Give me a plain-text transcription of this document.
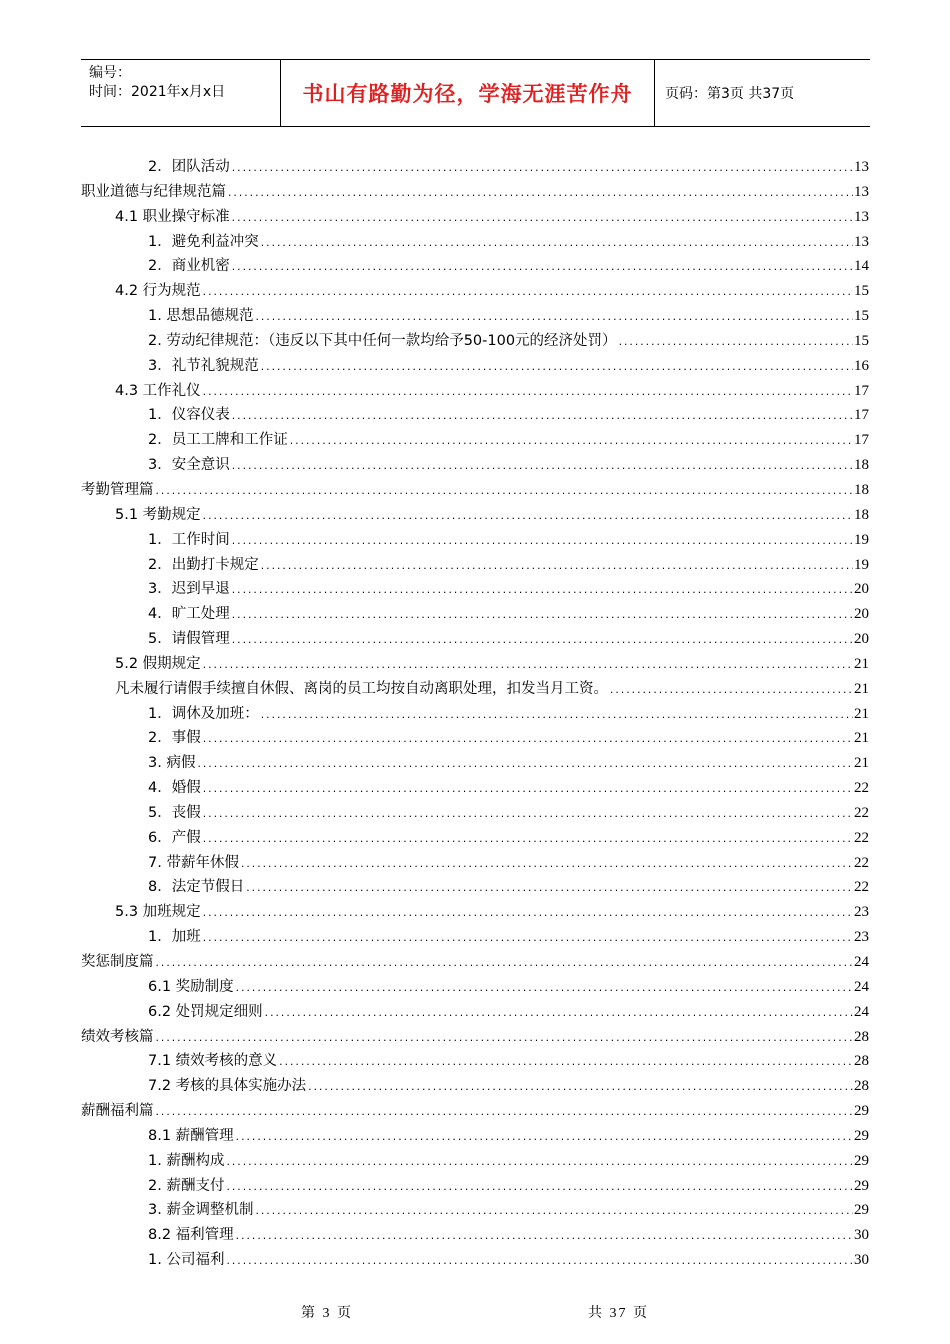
编号：
时间：2021年x月x日	书山有路勤为径，学海无涯苦作舟	页码：第3页 共37页
2．团队活动 .....	13
职业道德与纪律规范篇 .....	13
4.1 职业操守标准 .....	13
1．避免利益冲突 .....	13
2．商业机密 .....	14
4.2 行为规范 .....	15
1. 思想品德规范 .....	15
2. 劳动纪律规范：（违反以下其中任何一款均给予50-100元的经济处罚） .....	15
3．礼节礼貌规范 .....	16
4.3 工作礼仪 .....	17
1．仪容仪表 .....	17
2．员工工牌和工作证 .....	17
3．安全意识 .....	18
考勤管理篇 .....	18
5.1 考勤规定 .....	18
1．工作时间 .....	19
2．出勤打卡规定 .....	19
3．迟到早退 .....	20
4．旷工处理 .....	20
5．请假管理 .....	20
5.2 假期规定 .....	21
凡未履行请假手续擅自休假、离岗的员工均按自动离职处理，扣发当月工资。 .....	21
1．调休及加班： .....	21
2．事假 .....	21
3. 病假 .....	21
4．婚假 .....	22
5．丧假 .....	22
6．产假 .....	22
7. 带薪年休假 .....	22
8．法定节假日 .....	22
5.3 加班规定 .....	23
1．加班 .....	23
奖惩制度篇 .....	24
6.1 奖励制度 .....	24
6.2 处罚规定细则 .....	24
绩效考核篇 .....	28
7.1 绩效考核的意义 .....	28
7.2 考核的具体实施办法 .....	28
薪酬福利篇 .....	29
8.1 薪酬管理 .....	29
1. 薪酬构成 .....	29
2. 薪酬支付 .....	29
3. 薪金调整机制 .....	29
8.2 福利管理 .....	30
1. 公司福利 .....	30
第 3 页	共 37 页
